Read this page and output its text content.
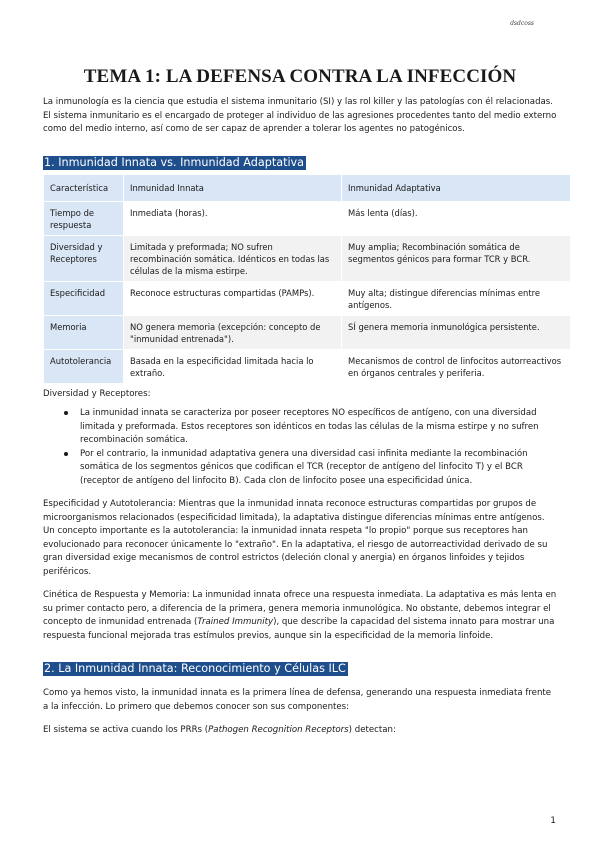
dsdcoss
TEMA 1: LA DEFENSA CONTRA LA INFECCIÓN

La inmunología es la ciencia que estudia el sistema inmunitario (SI) y las rol killer y las patologías con él relacionadas. El sistema inmunitario es el encargado de proteger al individuo de las agresiones procedentes tanto del medio externo como del medio interno, así como de ser capaz de aprender a tolerar los agentes no patogénicos.

1. Inmunidad Innata vs. Inmunidad Adaptativa
Característica	Inmunidad Innata	Inmunidad Adaptativa
Tiempo de respuesta	Inmediata (horas).	Más lenta (días).
Diversidad y Receptores	Limitada y preformada; NO sufren recombinación somática. Idénticos en todas las células de la misma estirpe.	Muy amplia; Recombinación somática de segmentos génicos para formar TCR y BCR.
Especificidad	Reconoce estructuras compartidas (PAMPs).	Muy alta; distingue diferencias mínimas entre antígenos.
Memoria	NO genera memoria (excepción: concepto de "inmunidad entrenada").	SÍ genera memoria inmunológica persistente.
Autotolerancia	Basada en la especificidad limitada hacia lo extraño.	Mecanismos de control de linfocitos autorreactivos en órganos centrales y periferia.

Diversidad y Receptores:

La inmunidad innata se caracteriza por poseer receptores NO específicos de antígeno, con una diversidad limitada y preformada. Estos receptores son idénticos en todas las células de la misma estirpe y no sufren recombinación somática.
Por el contrario, la inmunidad adaptativa genera una diversidad casi infinita mediante la recombinación somática de los segmentos génicos que codifican el TCR (receptor de antígeno del linfocito T) y el BCR (receptor de antígeno del linfocito B). Cada clon de linfocito posee una especificidad única.

Especificidad y Autotolerancia: Mientras que la inmunidad innata reconoce estructuras compartidas por grupos de microorganismos relacionados (especificidad limitada), la adaptativa distingue diferencias mínimas entre antígenos. Un concepto importante es la autotolerancia: la inmunidad innata respeta "lo propio" porque sus receptores han evolucionado para reconocer únicamente lo "extraño". En la adaptativa, el riesgo de autorreactividad derivado de su gran diversidad exige mecanismos de control estrictos (deleción clonal y anergia) en órganos linfoides y tejidos periféricos.

Cinética de Respuesta y Memoria: La inmunidad innata ofrece una respuesta inmediata. La adaptativa es más lenta en su primer contacto pero, a diferencia de la primera, genera memoria inmunológica. No obstante, debemos integrar el concepto de inmunidad entrenada (Trained Immunity), que describe la capacidad del sistema innato para mostrar una respuesta funcional mejorada tras estímulos previos, aunque sin la especificidad de la memoria linfoide.

2. La Inmunidad Innata: Reconocimiento y Células ILC

Como ya hemos visto, la inmunidad innata es la primera línea de defensa, generando una respuesta inmediata frente a la infección. Lo primero que debemos conocer son sus componentes:

El sistema se activa cuando los PRRs (Pathogen Recognition Receptors) detectan:

1
